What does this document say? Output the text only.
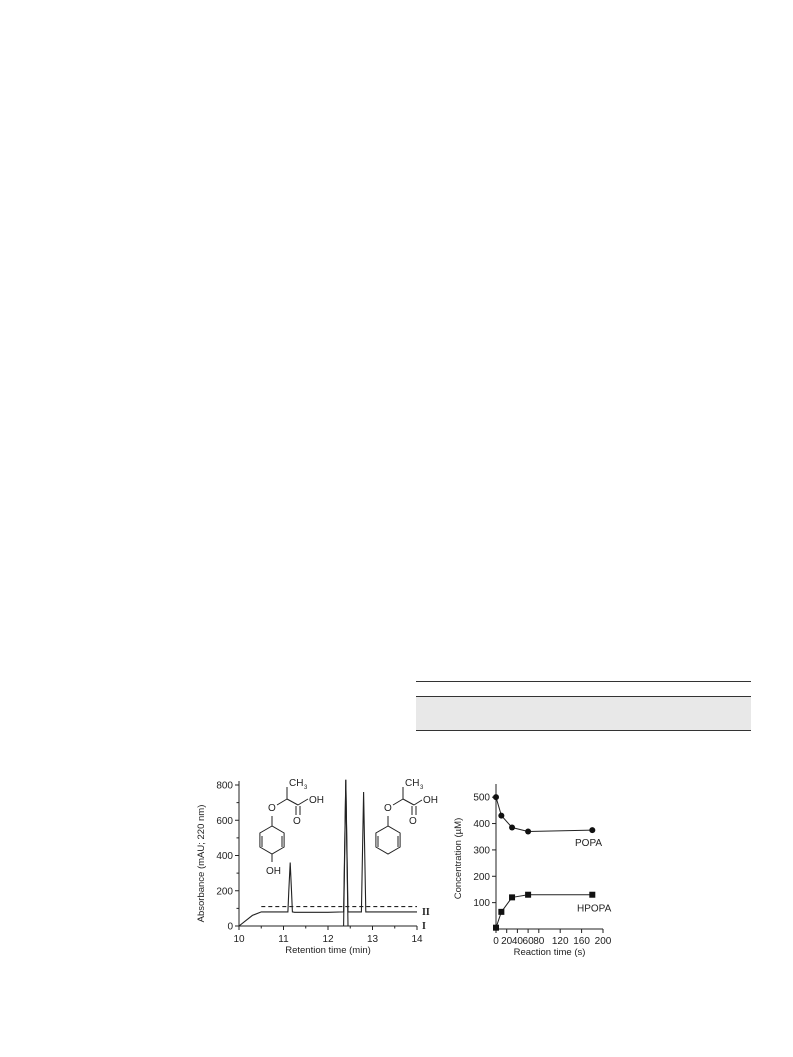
10	11	12	13	14
0
200
400
600
800
Retention time (min)
Absorbance (mAU; 220 nm)
I
II
CH 3
OH
O
O
OH
CH 3
OH
O
O
0 20 40 60 80 120 160 200
100
200
300
400
500
Reaction time (s)
Concentration (µM)	POPA
HPOPA
